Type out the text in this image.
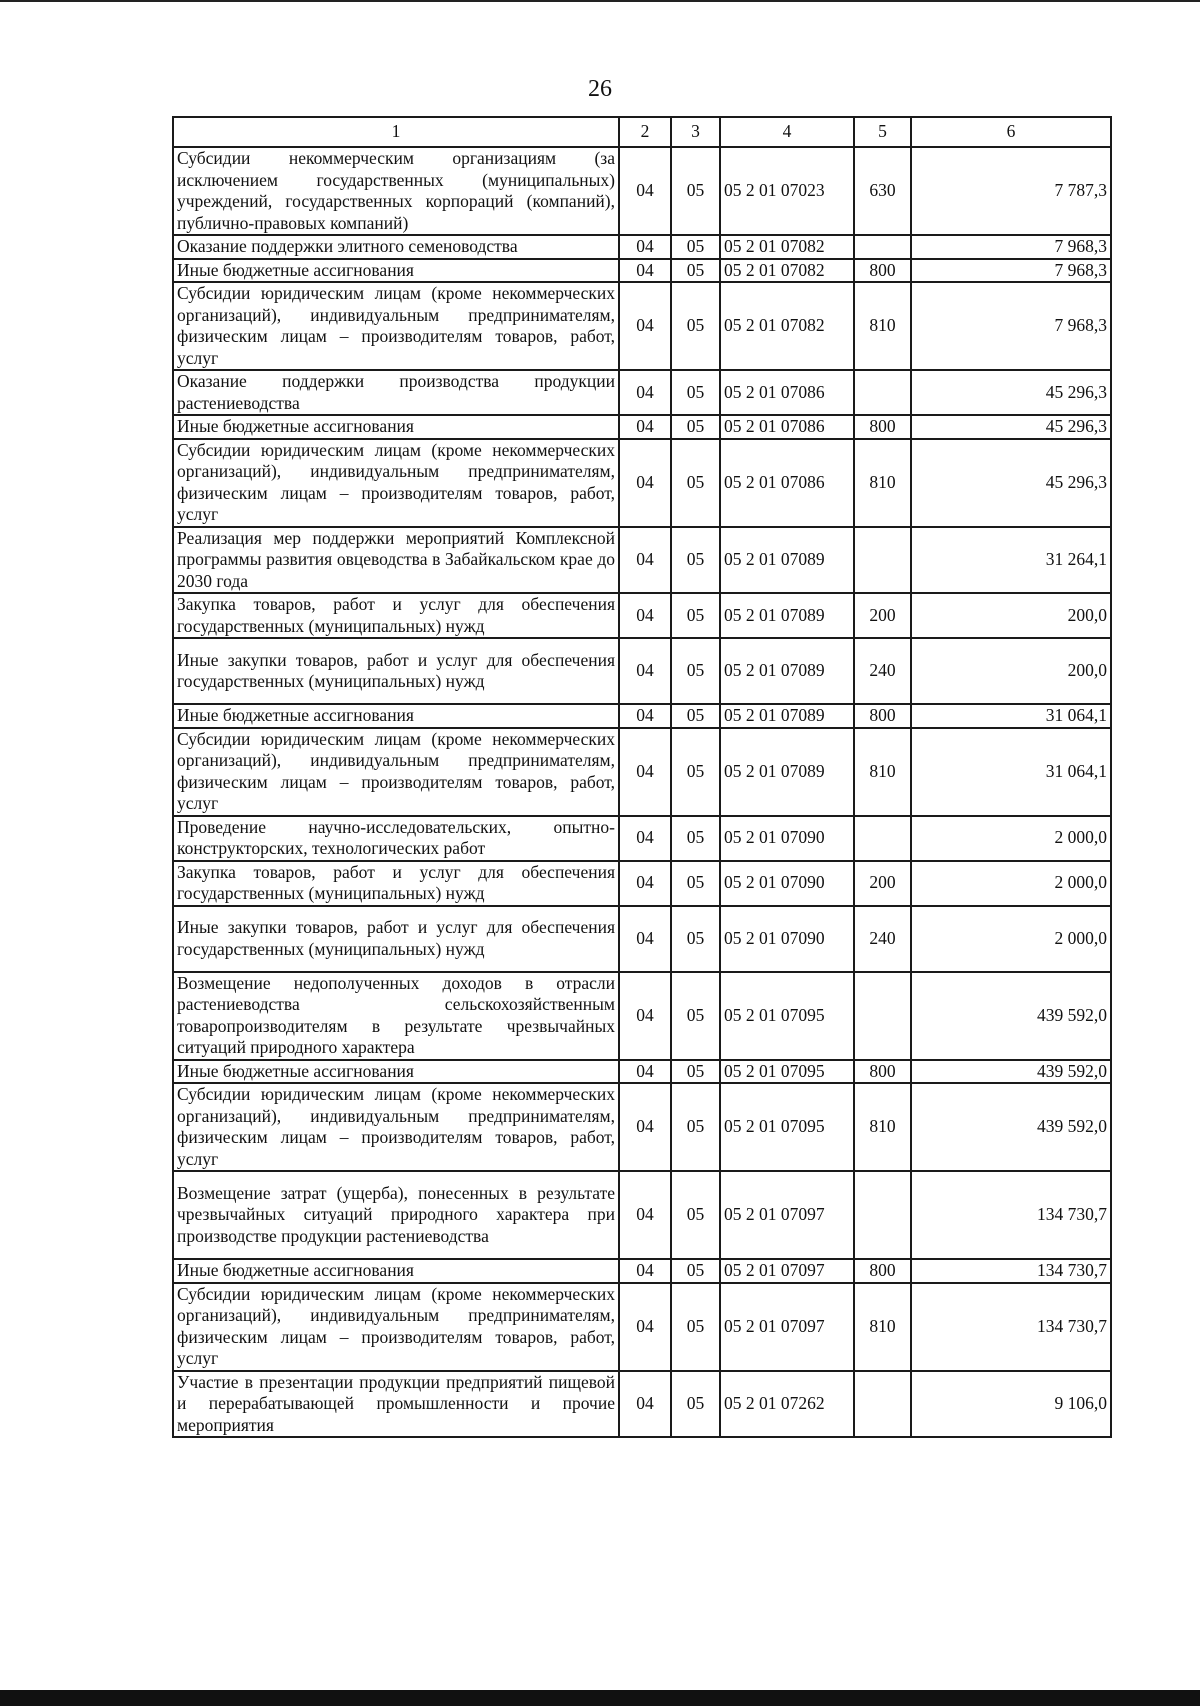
26
1	2	3	4	5	6
Субсидии некоммерческим организациям (за исключением государственных (муниципальных) учреждений, государственных корпораций (компаний), публично-правовых компаний)	04	05	05 2 01 07023	630	7 787,3
Оказание поддержки элитного семеноводства	04	05	05 2 01 07082		7 968,3
Иные бюджетные ассигнования	04	05	05 2 01 07082	800	7 968,3
Субсидии юридическим лицам (кроме некоммерческих организаций), индивидуальным предпринимателям, физическим лицам – производителям товаров, работ, услуг	04	05	05 2 01 07082	810	7 968,3
Оказание поддержки производства продукции растениеводства	04	05	05 2 01 07086		45 296,3
Иные бюджетные ассигнования	04	05	05 2 01 07086	800	45 296,3
Субсидии юридическим лицам (кроме некоммерческих организаций), индивидуальным предпринимателям, физическим лицам – производителям товаров, работ, услуг	04	05	05 2 01 07086	810	45 296,3
Реализация мер поддержки мероприятий Комплексной программы развития овцеводства в Забайкальском крае до 2030 года	04	05	05 2 01 07089		31 264,1
Закупка товаров, работ и услуг для обеспечения государственных (муниципальных) нужд	04	05	05 2 01 07089	200	200,0
Иные закупки товаров, работ и услуг для обеспечения государственных (муниципальных) нужд	04	05	05 2 01 07089	240	200,0
Иные бюджетные ассигнования	04	05	05 2 01 07089	800	31 064,1
Субсидии юридическим лицам (кроме некоммерческих организаций), индивидуальным предпринимателям, физическим лицам – производителям товаров, работ, услуг	04	05	05 2 01 07089	810	31 064,1
Проведение научно-исследовательских, опытно-конструкторских, технологических работ	04	05	05 2 01 07090		2 000,0
Закупка товаров, работ и услуг для обеспечения государственных (муниципальных) нужд	04	05	05 2 01 07090	200	2 000,0
Иные закупки товаров, работ и услуг для обеспечения государственных (муниципальных) нужд	04	05	05 2 01 07090	240	2 000,0
Возмещение недополученных доходов в отрасли растениеводства сельскохозяйственным товаропроизводителям в результате чрезвычайных ситуаций природного характера	04	05	05 2 01 07095		439 592,0
Иные бюджетные ассигнования	04	05	05 2 01 07095	800	439 592,0
Субсидии юридическим лицам (кроме некоммерческих организаций), индивидуальным предпринимателям, физическим лицам – производителям товаров, работ, услуг	04	05	05 2 01 07095	810	439 592,0
Возмещение затрат (ущерба), понесенных в результате чрезвычайных ситуаций природного характера при производстве продукции растениеводства	04	05	05 2 01 07097		134 730,7
Иные бюджетные ассигнования	04	05	05 2 01 07097	800	134 730,7
Субсидии юридическим лицам (кроме некоммерческих организаций), индивидуальным предпринимателям, физическим лицам – производителям товаров, работ, услуг	04	05	05 2 01 07097	810	134 730,7
Участие в презентации продукции предприятий пищевой и перерабатывающей промышленности и прочие мероприятия	04	05	05 2 01 07262		9 106,0
